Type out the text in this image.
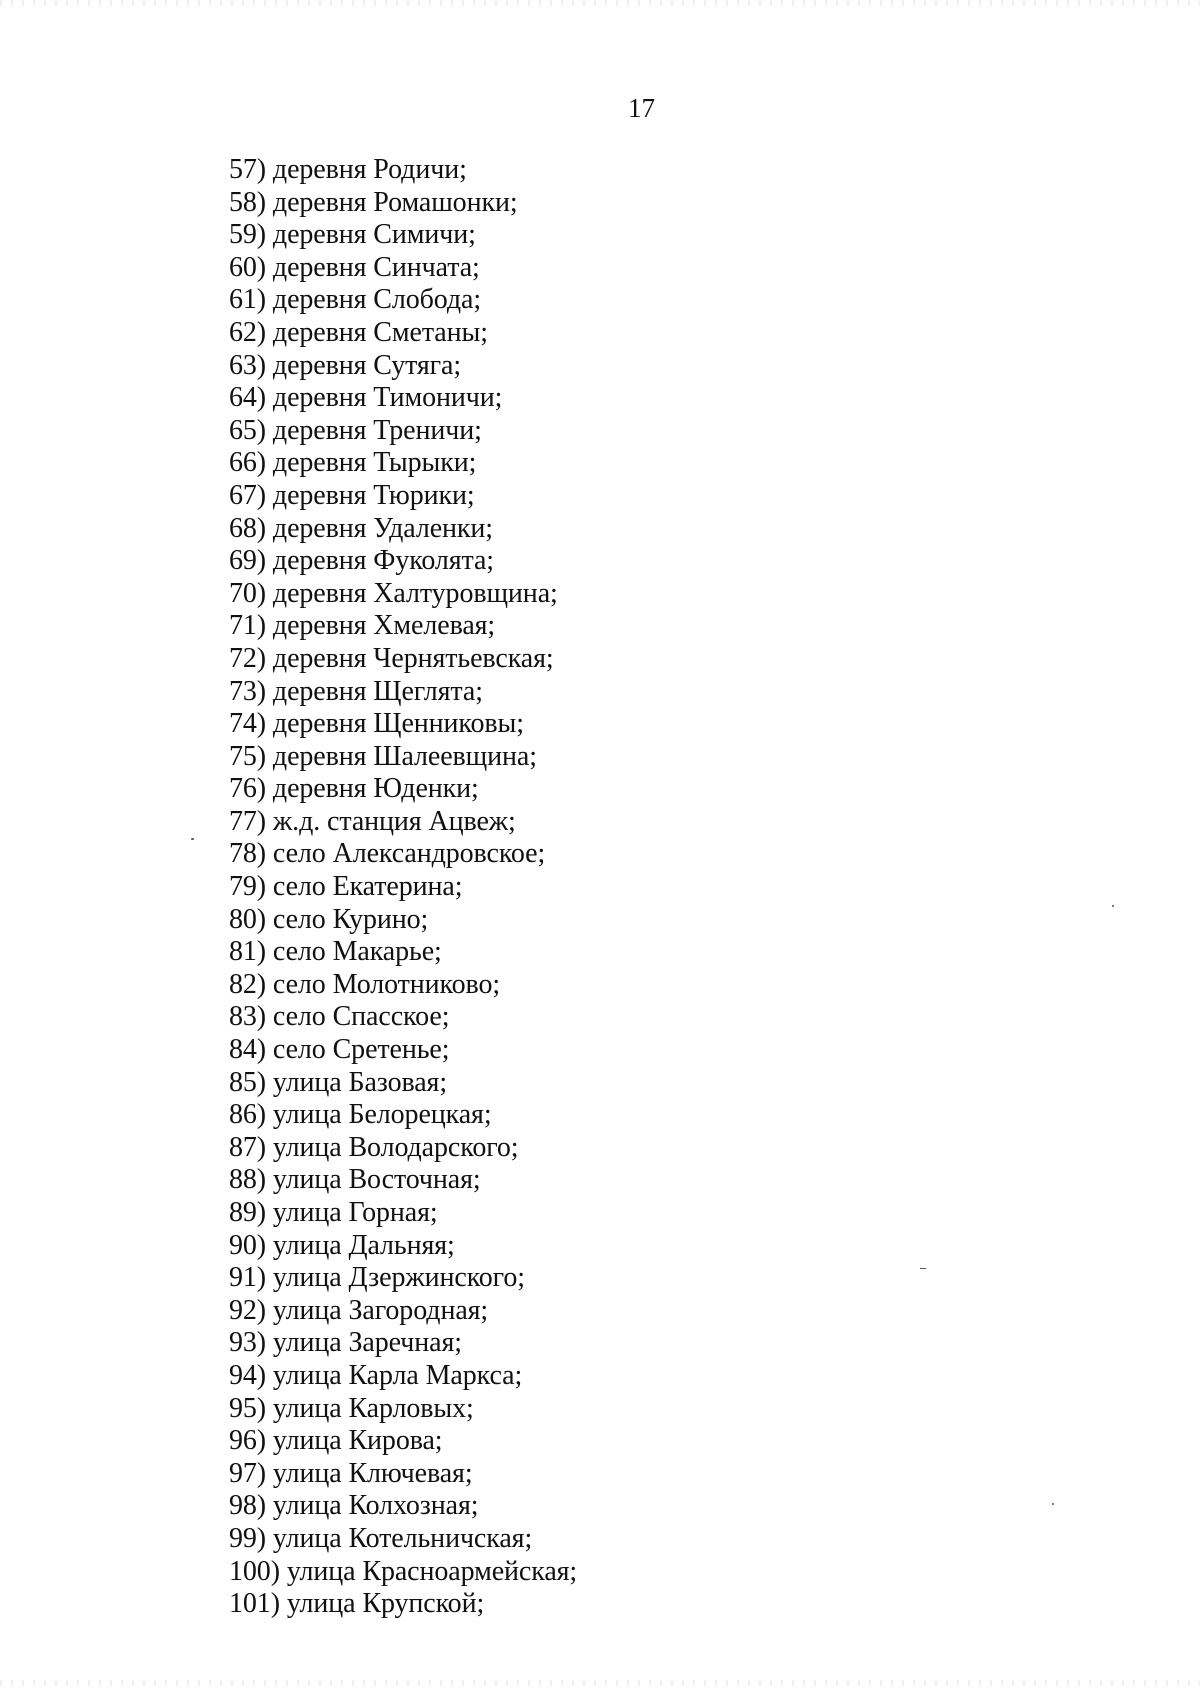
17
57) деревня Родичи;
58) деревня Ромашонки;
59) деревня Симичи;
60) деревня Синчата;
61) деревня Слобода;
62) деревня Сметаны;
63) деревня Сутяга;
64) деревня Тимоничи;
65) деревня Треничи;
66) деревня Тырыки;
67) деревня Тюрики;
68) деревня Удаленки;
69) деревня Фуколята;
70) деревня Халтуровщина;
71) деревня Хмелевая;
72) деревня Чернятьевская;
73) деревня Щеглята;
74) деревня Щенниковы;
75) деревня Шалеевщина;
76) деревня Юденки;
77) ж.д. станция Ацвеж;
78) село Александровское;
79) село Екатерина;
80) село Курино;
81) село Макарье;
82) село Молотниково;
83) село Спасское;
84) село Сретенье;
85) улица Базовая;
86) улица Белорецкая;
87) улица Володарского;
88) улица Восточная;
89) улица Горная;
90) улица Дальняя;
91) улица Дзержинского;
92) улица Загородная;
93) улица Заречная;
94) улица Карла Маркса;
95) улица Карловых;
96) улица Кирова;
97) улица Ключевая;
98) улица Колхозная;
99) улица Котельничская;
100) улица Красноармейская;
101) улица Крупской;
